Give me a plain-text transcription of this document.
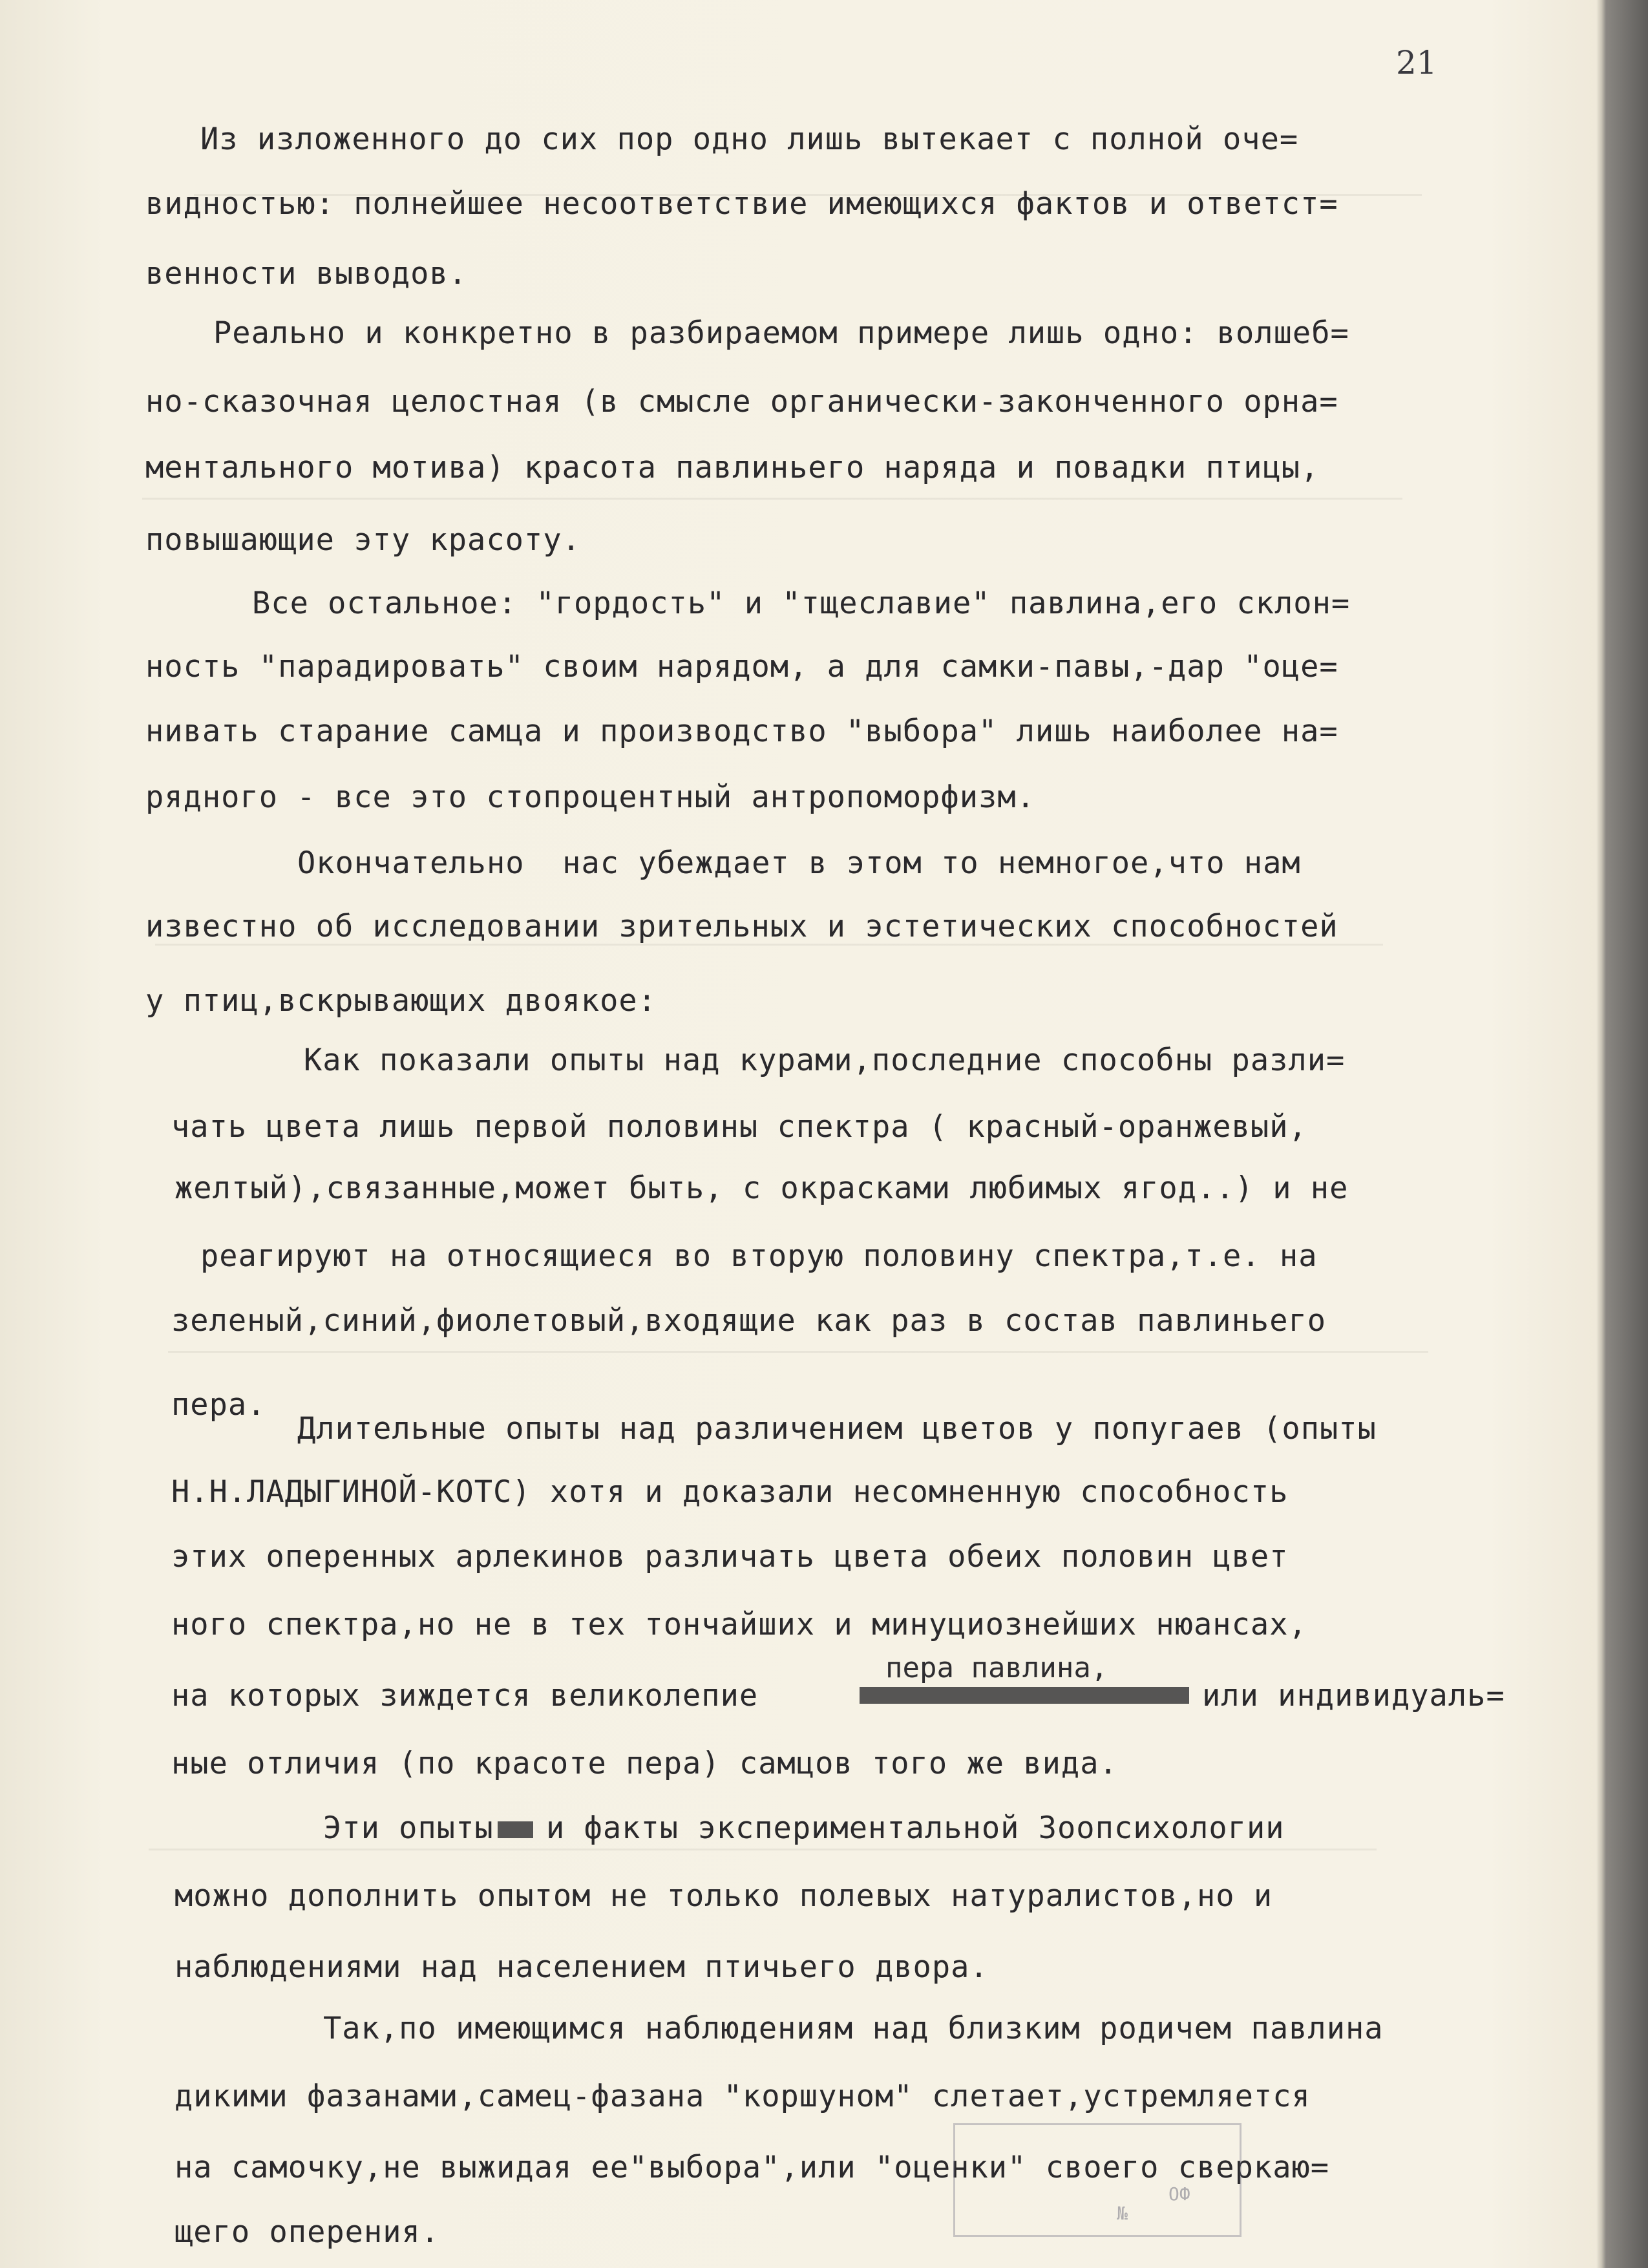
21
Из изложенного до сих пор одно лишь вытекает с полной оче=
видностью: полнейшее несоответствие имеющихся фактов и ответст=
венности выводов.
Реально и конкретно в разбираемом примере лишь одно: волшеб=
но-сказочная целостная (в смысле органически-законченного орна=
ментального мотива) красота павлиньего наряда и повадки птицы,
повышающие эту красоту.
Все остальное: "гордость" и "тщеславие" павлина,его склон=
ность "парадировать" своим нарядом, а для самки-павы,-дар "оце=
нивать старание самца и производство "выбора" лишь наиболее на=
рядного - все это стопроцентный антропоморфизм.
Окончательно  нас убеждает в этом то немногое,что нам
известно об исследовании зрительных и эстетических способностей
у птиц,вскрывающих двоякое:
Как показали опыты над курами,последние способны разли=
чать цвета лишь первой половины спектра ( красный-оранжевый,
желтый),связанные,может быть, с окрасками любимых ягод..) и не
реагируют на относящиеся во вторую половину спектра,т.е. на
зеленый,синий,фиолетовый,входящие как раз в состав павлиньего
пера.
Длительные опыты над различением цветов у попугаев (опыты
Н.Н.ЛАДЫГИНОЙ-КОТС) хотя и доказали несомненную способность
этих оперенных арлекинов различать цвета обеих половин цвет
ного спектра,но не в тех тончайших и минуциознейших нюансах,
пера павлина,
на которых зиждется великолепие	или индивидуаль=
ные отличия (по красоте пера) самцов того же вида.
Эти опыты и факты экспериментальной Зоопсихологии
можно дополнить опытом не только полевых натуралистов,но и
наблюдениями над населением птичьего двора.
Так,по имеющимся наблюдениям над близким родичем павлина
дикими фазанами,самец-фазана "коршуном" слетает,устремляется
на самочку,не выжидая ее"выбора",или "оценки" своего сверкаю=
щего оперения.
ОФ
№
